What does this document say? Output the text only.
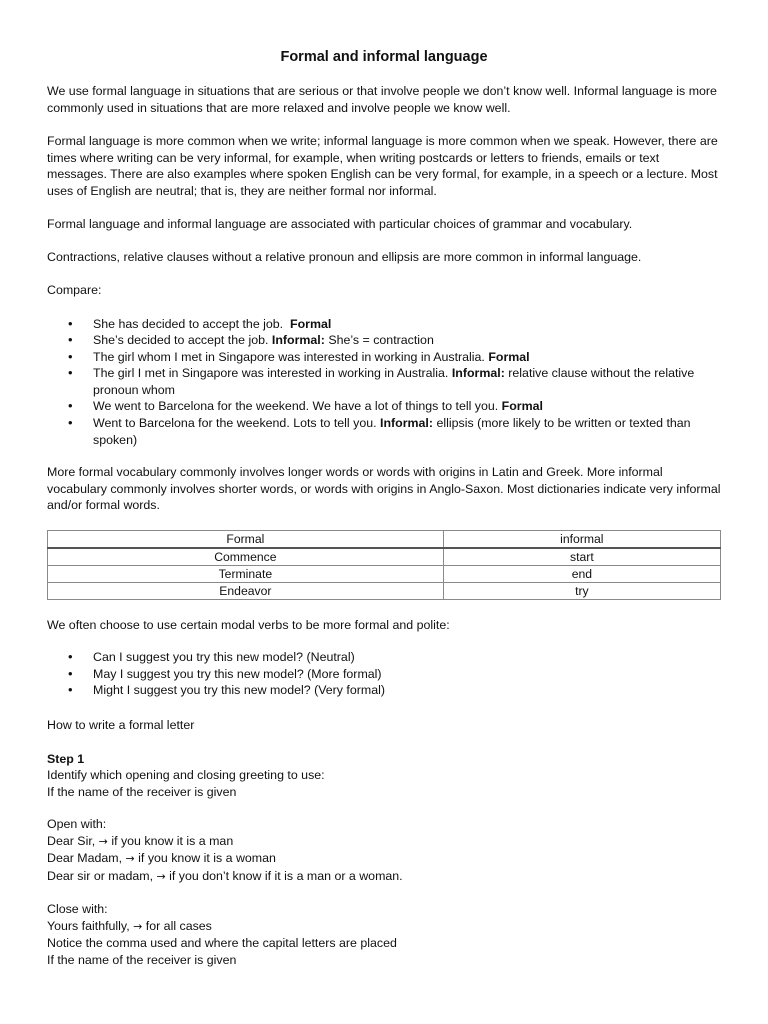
Formal and informal language

We use formal language in situations that are serious or that involve people we don’t know well. Informal language is more commonly used in situations that are more relaxed and involve people we know well.

Formal language is more common when we write; informal language is more common when we speak. However, there are times where writing can be very informal, for example, when writing postcards or letters to friends, emails or text messages. There are also examples where spoken English can be very formal, for example, in a speech or a lecture. Most uses of English are neutral; that is, they are neither formal nor informal.

Formal language and informal language are associated with particular choices of grammar and vocabulary.

Contractions, relative clauses without a relative pronoun and ellipsis are more common in informal language.

Compare:

• She has decided to accept the job.  Formal
• She’s decided to accept the job. Informal: She’s = contraction
• The girl whom I met in Singapore was interested in working in Australia. Formal
• The girl I met in Singapore was interested in working in Australia. Informal: relative clause without the relative pronoun whom
• We went to Barcelona for the weekend. We have a lot of things to tell you. Formal
• Went to Barcelona for the weekend. Lots to tell you. Informal: ellipsis (more likely to be written or texted than spoken)

More formal vocabulary commonly involves longer words or words with origins in Latin and Greek. More informal vocabulary commonly involves shorter words, or words with origins in Anglo-Saxon. Most dictionaries indicate very informal and/or formal words.

Formal	informal
Commence	start
Terminate	end
Endeavor	try

We often choose to use certain modal verbs to be more formal and polite:

• Can I suggest you try this new model? (Neutral)
• May I suggest you try this new model? (More formal)
• Might I suggest you try this new model? (Very formal)

How to write a formal letter

Step 1

Identify which opening and closing greeting to use:

If the name of the receiver is given

Open with:

Dear Sir, → if you know it is a man

Dear Madam, → if you know it is a woman

Dear sir or madam, → if you don’t know if it is a man or a woman.

Close with:

Yours faithfully, → for all cases

Notice the comma used and where the capital letters are placed

If the name of the receiver is given
